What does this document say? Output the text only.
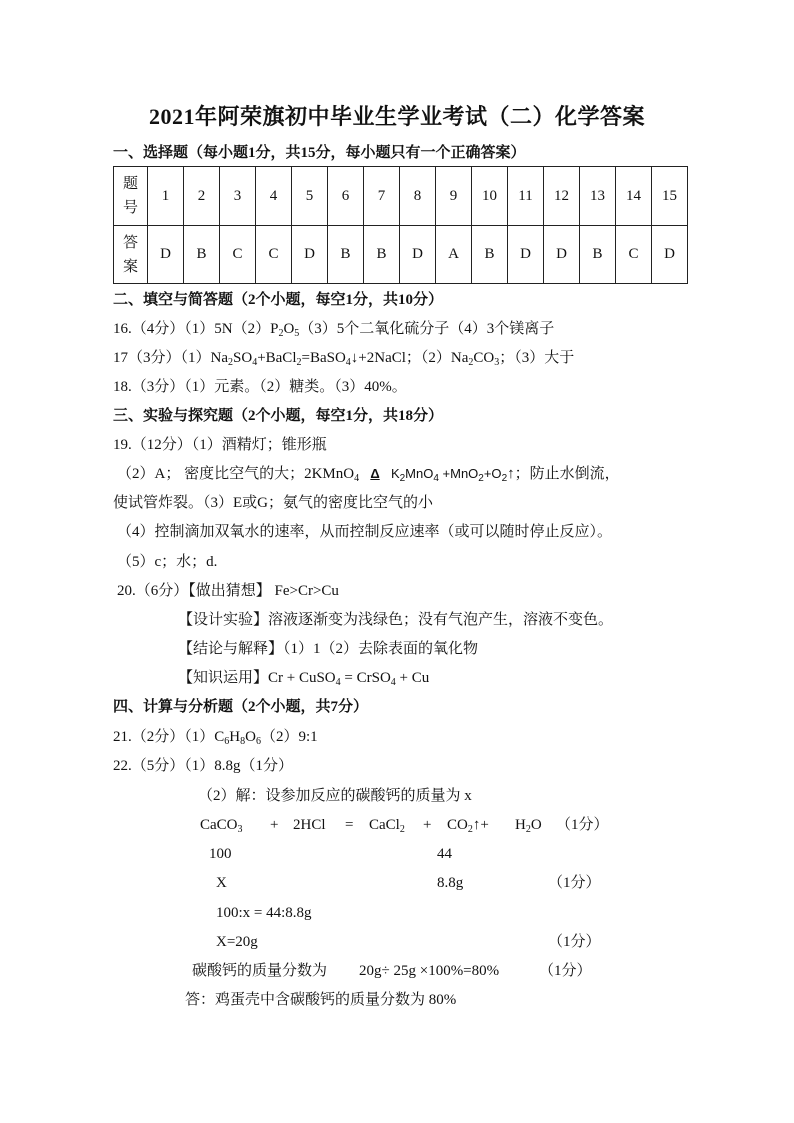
2021年阿荣旗初中毕业生学业考试（二）化学答案
一、选择题（每小题1分，共15分，每小题只有一个正确答案）
题
号	1	2	3	4	5	6	7	8	9	10	11	12	13	14	15

答
案	D	B	C	C	D	B	B	D	A	B	D	D	B	C	D
二、填空与简答题（2个小题，每空1分，共10分）
16.（4分）$(1)5N(2)P_2O_5(3)5$个二氧化硫分子（4）3个镁离子
17（3分）$(1)Na_2SO_4+BaCl_2=BaSO_4↓+2NaCl$；$(2)Na_2CO_3$；（3）大于
18.（3分）（1）元素。（2）糖类。（3）40%。
三、实验与探究题（2个小题，每空1分，共18分）
19.（12分）（1）酒精灯；锥形瓶
（2）A； 密度比空气的大；2KMnO$_4$ Δ $K_2MnO_4$ $+MnO_2+O_2↑$；防止水倒流，
使试管炸裂。（3）E或G；氨气的密度比空气的小
（4）控制滴加双氧水的速率，从而控制反应速率（或可以随时停止反应）。
（5）c；水；d.
20.（6分）【做出猜想】 Fe>Cr>Cu
【设计实验】溶液逐渐变为浅绿色；没有气泡产生，溶液不变色。
【结论与解释】（1）1（2）去除表面的氧化物
【知识运用】Cr + CuSO$_4$ = CrSO$_4$ + Cu
四、计算与分析题（2个小题，共7分）
21.（2分）$(1)C_6H_8O_6(2)9:1$
22.（5分）（1）8.8g（1分）
（2）解：设参加反应的碳酸钙的质量为 x
CaCO$_3$ + 2HCl = CaCl$_2$ + $CO_2↑+ H_2O$ （1分）
100	44
X	8.8g	（1分）
100:x = 44:8.8g
X=20g	（1分）
碳酸钙的质量分数为 20g÷ 25g ×100%=80%	（1分）
答：鸡蛋壳中含碳酸钙的质量分数为 80%
